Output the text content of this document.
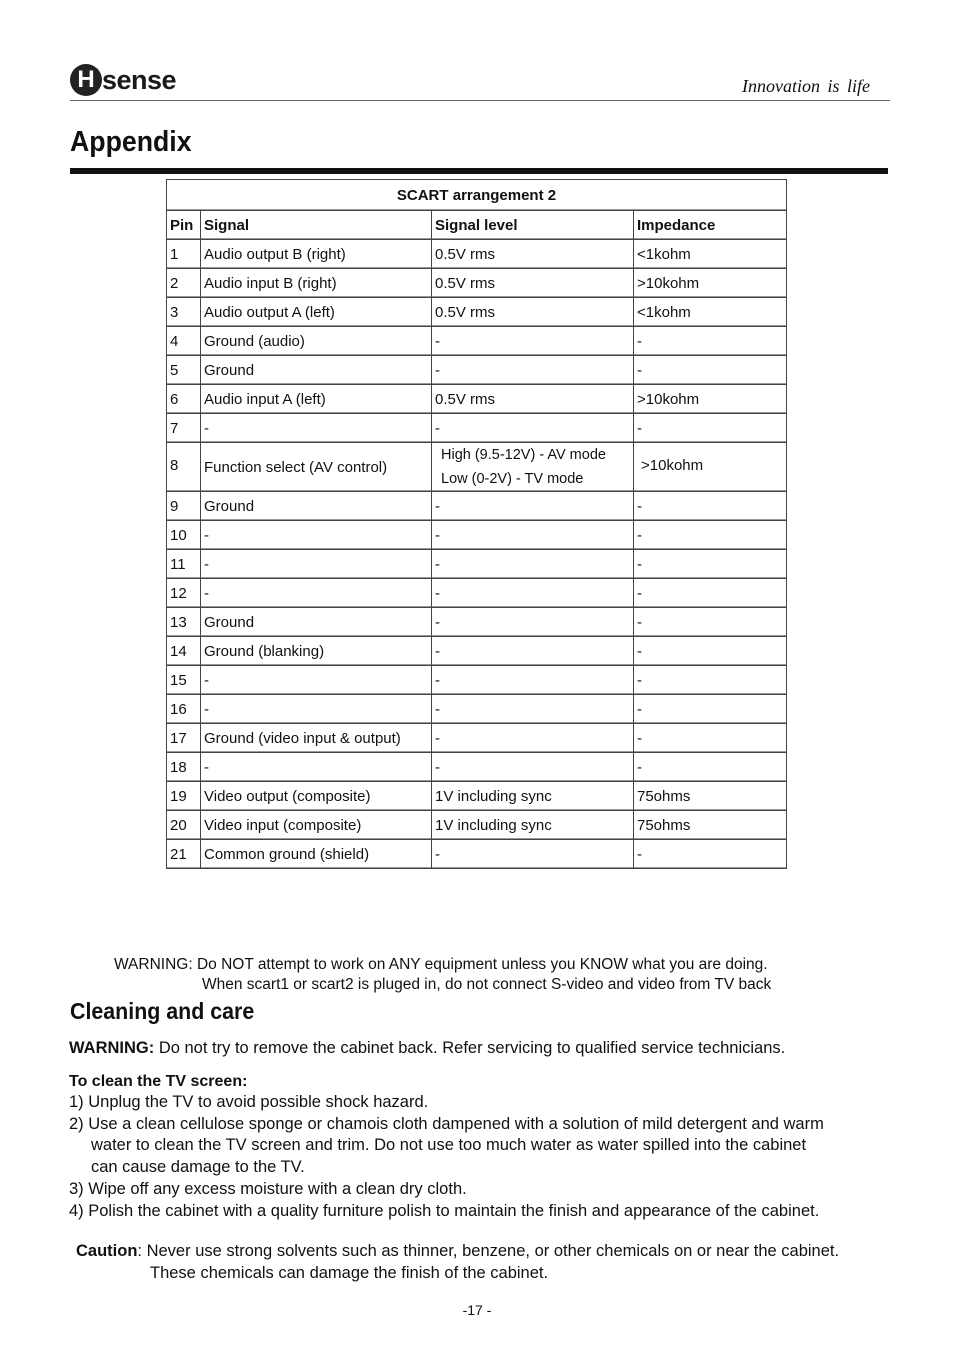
H sense	Innovation is life
Appendix
SCART arrangement 2			
Pin	Signal	Signal level	Impedance
1	Audio output B (right)	0.5V rms	<1kohm
2	Audio input B (right)	0.5V rms	>10kohm
3	Audio output A (left)	0.5V rms	<1kohm
4	Ground (audio)	-	-
5	Ground	-	-
6	Audio input A (left)	0.5V rms	>10kohm
7	-	-	-
8	Function select (AV control)	High (9.5-12V) - AV mode
Low (0-2V) - TV mode	>10kohm
9	Ground	-	-
10	-	-	-
11	-	-	-
12	-	-	-
13	Ground	-	-
14	Ground (blanking)	-	-
15	-	-	-
16	-	-	-
17	Ground (video input & output)	-	-
18	-	-	-
19	Video output (composite)	1V including sync	75ohms
20	Video input (composite)	1V including sync	75ohms
21	Common ground (shield)	-	-
WARNING: Do NOT attempt to work on ANY equipment unless you KNOW what you are doing.
When scart1 or scart2 is pluged in, do not connect S-video and video from TV back
Cleaning and care
WARNING: Do not try to remove the cabinet back. Refer servicing to qualified service technicians.
To clean the TV screen:
1) Unplug the TV to avoid possible shock hazard.
2) Use a clean cellulose sponge or chamois cloth dampened with a solution of mild detergent and warm
water to clean the TV screen and trim. Do not use too much water as water spilled into the cabinet
can cause damage to the TV.
3) Wipe off any excess moisture with a clean dry cloth.
4) Polish the cabinet with a quality furniture polish to maintain the finish and appearance of the cabinet.
Caution: Never use strong solvents such as thinner, benzene, or other chemicals on or near the cabinet.
These chemicals can damage the finish of the cabinet.
-17 -
